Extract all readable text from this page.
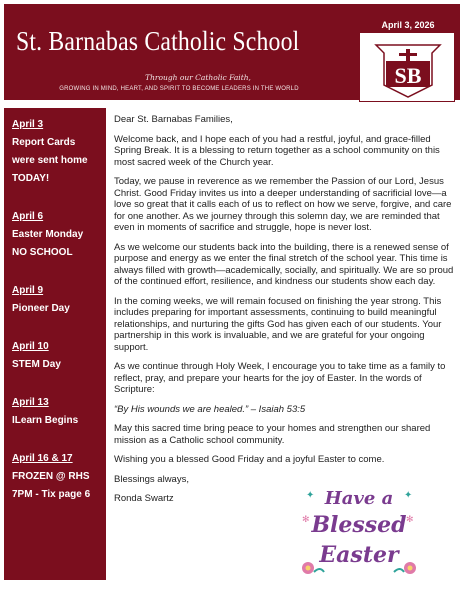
St. Barnabas Catholic School
Through our Catholic Faith,
GROWING IN MIND, HEART, AND SPIRIT TO BECOME LEADERS IN THE WORLD
April 3, 2026
SB
April 3
Report Cards were sent home TODAY!
April 6
Easter Monday NO SCHOOL
April 9
Pioneer Day
April 10
STEM Day
April 13
ILearn Begins
April 16 & 17
FROZEN @ RHS 7PM - Tix page 6

Dear St. Barnabas Families,

Welcome back, and I hope each of you had a restful, joyful, and grace-filled Spring Break. It is a blessing to return together as a school community on this most sacred week of the Church year.

Today, we pause in reverence as we remember the Passion of our Lord, Jesus Christ. Good Friday invites us into a deeper understanding of sacrificial love—a love so great that it calls each of us to reflect on how we serve, forgive, and care for one another. As we journey through this solemn day, we are reminded that even in moments of sacrifice and struggle, hope is never lost.

As we welcome our students back into the building, there is a renewed sense of purpose and energy as we enter the final stretch of the school year. This time is always filled with growth—academically, socially, and spiritually. We are so proud of the continued effort, resilience, and kindness our students show each day.

In the coming weeks, we will remain focused on finishing the year strong. This includes preparing for important assessments, continuing to build meaningful relationships, and nurturing the gifts God has given each of our students. Your partnership in this work is invaluable, and we are grateful for your ongoing support.

As we continue through Holy Week, I encourage you to take time as a family to reflect, pray, and prepare your hearts for the joy of Easter. In the words of Scripture:

“By His wounds we are healed.” – Isaiah 53:5

May this sacred time bring peace to your homes and strengthen our shared mission as a Catholic school community.

Wishing you a blessed Good Friday and a joyful Easter to come.

Blessings always,

Ronda Swartz	Have a
Blessed
Easter
✦	✦
✻	✻
